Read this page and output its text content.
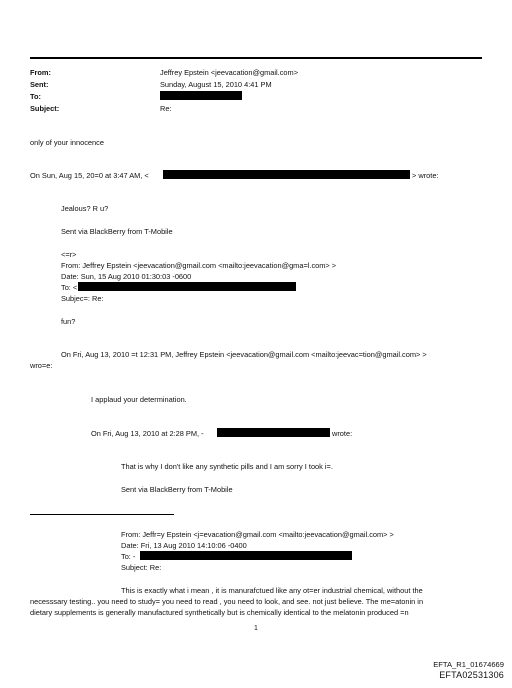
From:
Sent:
To:
Subject:
Jeffrey Epstein <jeevacation@gmail.com>
Sunday, August 15, 2010 4:41 PM
Re:
only of your innocence
On Sun, Aug 15, 20=0 at 3:47 AM, <	> wrote:
Jealous? R u?
Sent via BlackBerry from T-Mobile
<=r>
From: Jeffrey Epstein <jeevacation@gmail.com <mailto:jeevacation@gma=l.com> >
Date: Sun, 15 Aug 2010 01:30:03 -0600
To: <
Subjec=: Re:
fun?
On Fri, Aug 13, 2010 =t 12:31 PM, Jeffrey Epstein <jeevacation@gmail.com <mailto:jeevac=tion@gmail.com> >
wro=e:
I applaud your determination.
On Fri, Aug 13, 2010 at 2:28 PM, -	wrote:
That is why I don't like any synthetic pills and I am sorry I took i=.
Sent via BlackBerry from T-Mobile
From: Jeffr=y Epstein <j=evacation@gmail.com <mailto:jeevacation@gmail.com> >
Date: Fri, 13 Aug 2010 14:10:06 -0400
To: -
Subject: Re:
This is exactly what i mean , it is manurafctued like any ot=er industrial chemical, without the
necesssary testing.. you need to study= you need to read , you need to look, and see. not just believe. The me=atonin in
dietary supplements is generally manufactured synthetically but is chemically identical to the melatonin produced =n
1
EFTA_R1_01674669
EFTA02531306
